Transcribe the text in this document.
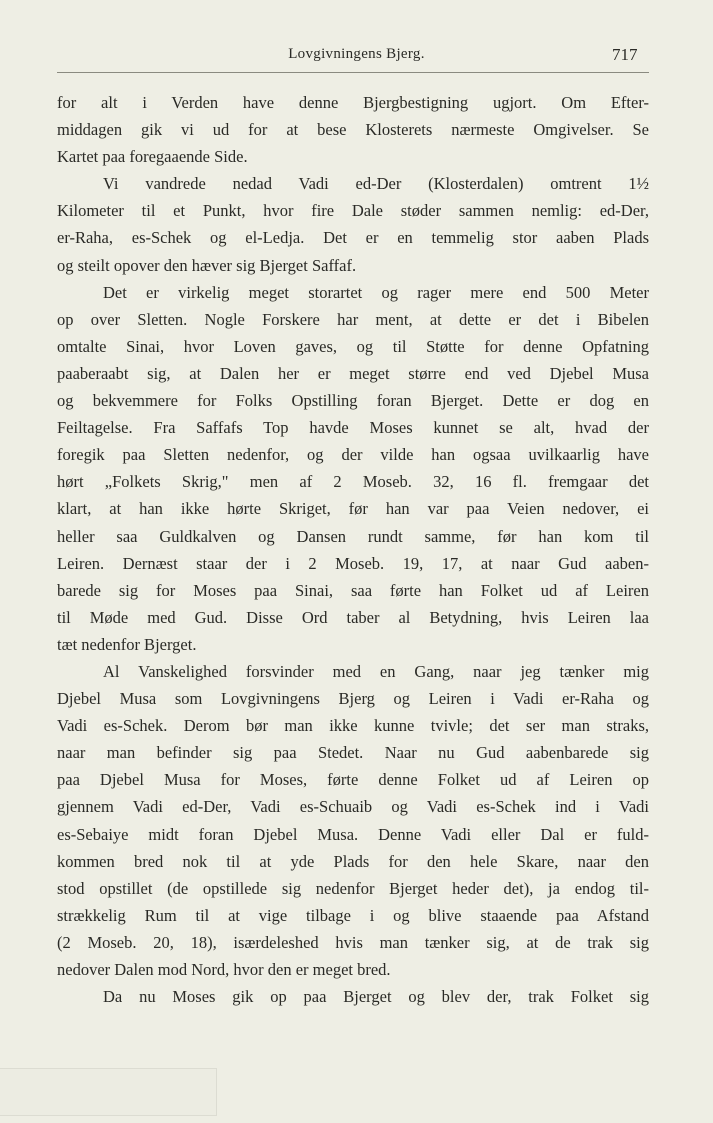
Lovgivningens Bjerg.	717
for alt i Verden have denne Bjergbestigning ugjort. Om Efter-
middagen gik vi ud for at bese Klosterets nærmeste Omgivelser. Se
Kartet paa foregaaende Side.
Vi vandrede nedad Vadi ed-Der (Klosterdalen) omtrent 1½
Kilometer til et Punkt, hvor fire Dale støder sammen nemlig: ed-Der,
er-Raha, es-Schek og el-Ledja. Det er en temmelig stor aaben Plads
og steilt opover den hæver sig Bjerget Saffaf.
Det er virkelig meget storartet og rager mere end 500 Meter
op over Sletten. Nogle Forskere har ment, at dette er det i Bibelen
omtalte Sinai, hvor Loven gaves, og til Støtte for denne Opfatning
paaberaabt sig, at Dalen her er meget større end ved Djebel Musa
og bekvemmere for Folks Opstilling foran Bjerget. Dette er dog en
Feiltagelse. Fra Saffafs Top havde Moses kunnet se alt, hvad der
foregik paa Sletten nedenfor, og der vilde han ogsaa uvilkaarlig have
hørt „Folkets Skrig," men af 2 Moseb. 32, 16 fl. fremgaar det
klart, at han ikke hørte Skriget, før han var paa Veien nedover, ei
heller saa Guldkalven og Dansen rundt samme, før han kom til
Leiren. Dernæst staar der i 2 Moseb. 19, 17, at naar Gud aaben-
barede sig for Moses paa Sinai, saa førte han Folket ud af Leiren
til Møde med Gud. Disse Ord taber al Betydning, hvis Leiren laa
tæt nedenfor Bjerget.
Al Vanskelighed forsvinder med en Gang, naar jeg tænker mig
Djebel Musa som Lovgivningens Bjerg og Leiren i Vadi er-Raha og
Vadi es-Schek. Derom bør man ikke kunne tvivle; det ser man straks,
naar man befinder sig paa Stedet. Naar nu Gud aabenbarede sig
paa Djebel Musa for Moses, førte denne Folket ud af Leiren op
gjennem Vadi ed-Der, Vadi es-Schuaib og Vadi es-Schek ind i Vadi
es-Sebaiye midt foran Djebel Musa. Denne Vadi eller Dal er fuld-
kommen bred nok til at yde Plads for den hele Skare, naar den
stod opstillet (de opstillede sig nedenfor Bjerget heder det), ja endog til-
strækkelig Rum til at vige tilbage i og blive staaende paa Afstand
(2 Moseb. 20, 18), isærdeleshed hvis man tænker sig, at de trak sig
nedover Dalen mod Nord, hvor den er meget bred.
Da nu Moses gik op paa Bjerget og blev der, trak Folket sig
